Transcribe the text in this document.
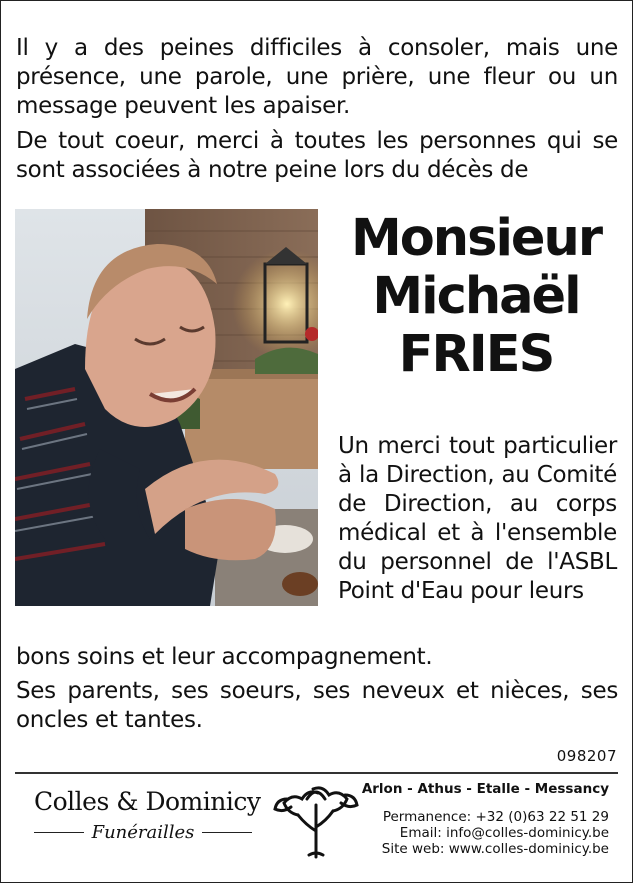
Il y a des peines difficiles à consoler, mais une présence, une parole, une prière, une fleur ou un message peuvent les apaiser.

De tout coeur, merci à toutes les personnes qui se sont associées à notre peine lors du décès de

Monsieur
Michaël
FRIES

Un merci tout particulier à la Direction, au Comité de Direction, au corps médical et à l'ensemble du personnel de l'ASBL Point d'Eau pour leurs

bons soins et leur accompagnement.

Ses parents, ses soeurs, ses neveux et nièces, ses oncles et tantes.

098207
Colles & Dominicy
Funérailles
Arlon - Athus - Etalle - Messancy
Permanence: +32 (0)63 22 51 29
Email: info@colles-dominicy.be
Site web: www.colles-dominicy.be
